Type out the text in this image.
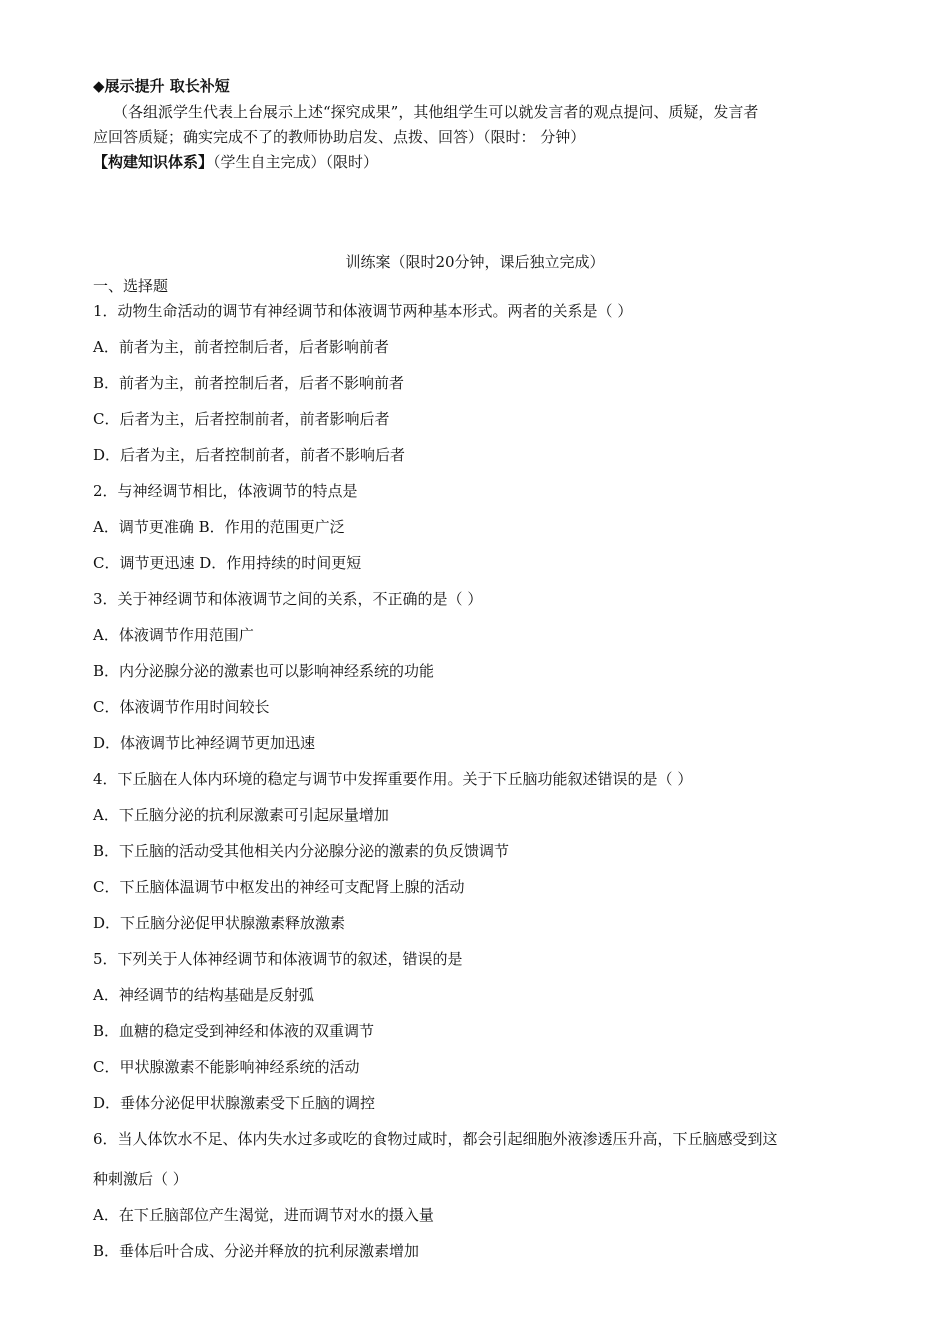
◆展示提升 取长补短
（各组派学生代表上台展示上述“探究成果”，其他组学生可以就发言者的观点提问、质疑，发言者
应回答质疑；确实完成不了的教师协助启发、点拨、回答）（限时： 分钟）
【构建知识体系】（学生自主完成）（限时）
训练案（限时20分钟，课后独立完成）
一、选择题
1．动物生命活动的调节有神经调节和体液调节两种基本形式。两者的关系是（ ）
A．前者为主，前者控制后者，后者影响前者
B．前者为主，前者控制后者，后者不影响前者
C．后者为主，后者控制前者，前者影响后者
D．后者为主，后者控制前者，前者不影响后者
2．与神经调节相比，体液调节的特点是
A．调节更准确 B．作用的范围更广泛
C．调节更迅速 D．作用持续的时间更短
3．关于神经调节和体液调节之间的关系，不正确的是（ ）
A．体液调节作用范围广
B．内分泌腺分泌的激素也可以影响神经系统的功能
C．体液调节作用时间较长
D．体液调节比神经调节更加迅速
4．下丘脑在人体内环境的稳定与调节中发挥重要作用。关于下丘脑功能叙述错误的是（ ）
A．下丘脑分泌的抗利尿激素可引起尿量增加
B．下丘脑的活动受其他相关内分泌腺分泌的激素的负反馈调节
C．下丘脑体温调节中枢发出的神经可支配肾上腺的活动
D．下丘脑分泌促甲状腺激素释放激素
5．下列关于人体神经调节和体液调节的叙述，错误的是
A．神经调节的结构基础是反射弧
B．血糖的稳定受到神经和体液的双重调节
C．甲状腺激素不能影响神经系统的活动
D．垂体分泌促甲状腺激素受下丘脑的调控
6．当人体饮水不足、体内失水过多或吃的食物过咸时，都会引起细胞外液渗透压升高，下丘脑感受到这
种刺激后（ ）
A．在下丘脑部位产生渴觉，进而调节对水的摄入量
B．垂体后叶合成、分泌并释放的抗利尿激素增加
